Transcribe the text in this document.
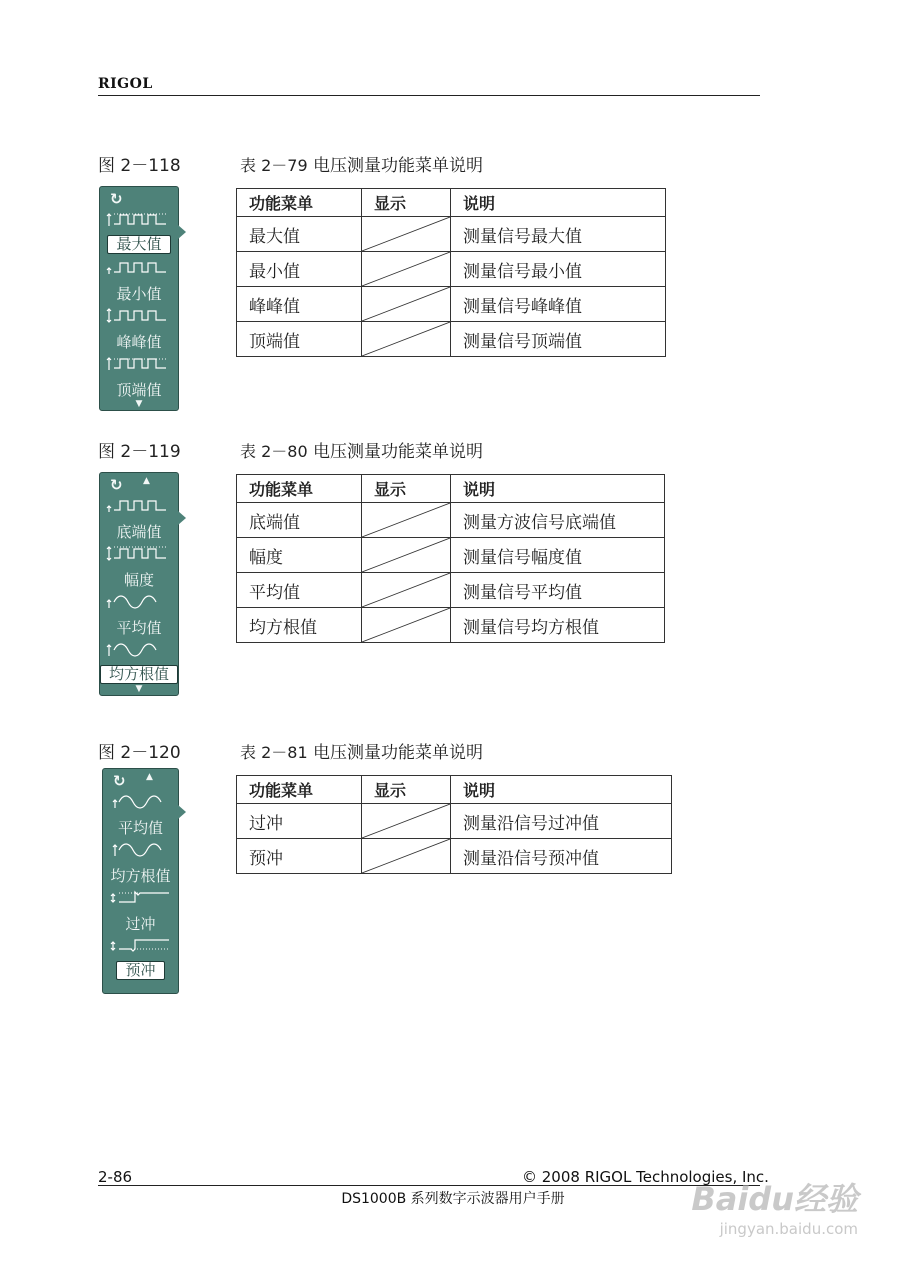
RIGOL
图 2－118	表 2－79 电压测量功能菜单说明
↻
最大值
最小值
峰峰值
顶端值
▼
功能菜单	显示	说明
最大值		测量信号最大值
最小值		测量信号最小值
峰峰值		测量信号峰峰值
顶端值		测量信号顶端值
图 2－119	表 2－80 电压测量功能菜单说明
↻ ▲
底端值
幅度
平均值
均方根值
▼
功能菜单	显示	说明
底端值		测量方波信号底端值
幅度		测量信号幅度值
平均值		测量信号平均值
均方根值		测量信号均方根值
图 2－120	表 2－81 电压测量功能菜单说明
↻ ▲
平均值
均方根值
过冲
预冲
功能菜单	显示	说明
过冲		测量沿信号过冲值
预冲		测量沿信号预冲值
2-86	© 2008 RIGOL Technologies, Inc.
DS1000B 系列数字示波器用户手册	Baidu经验
jingyan.baidu.com
